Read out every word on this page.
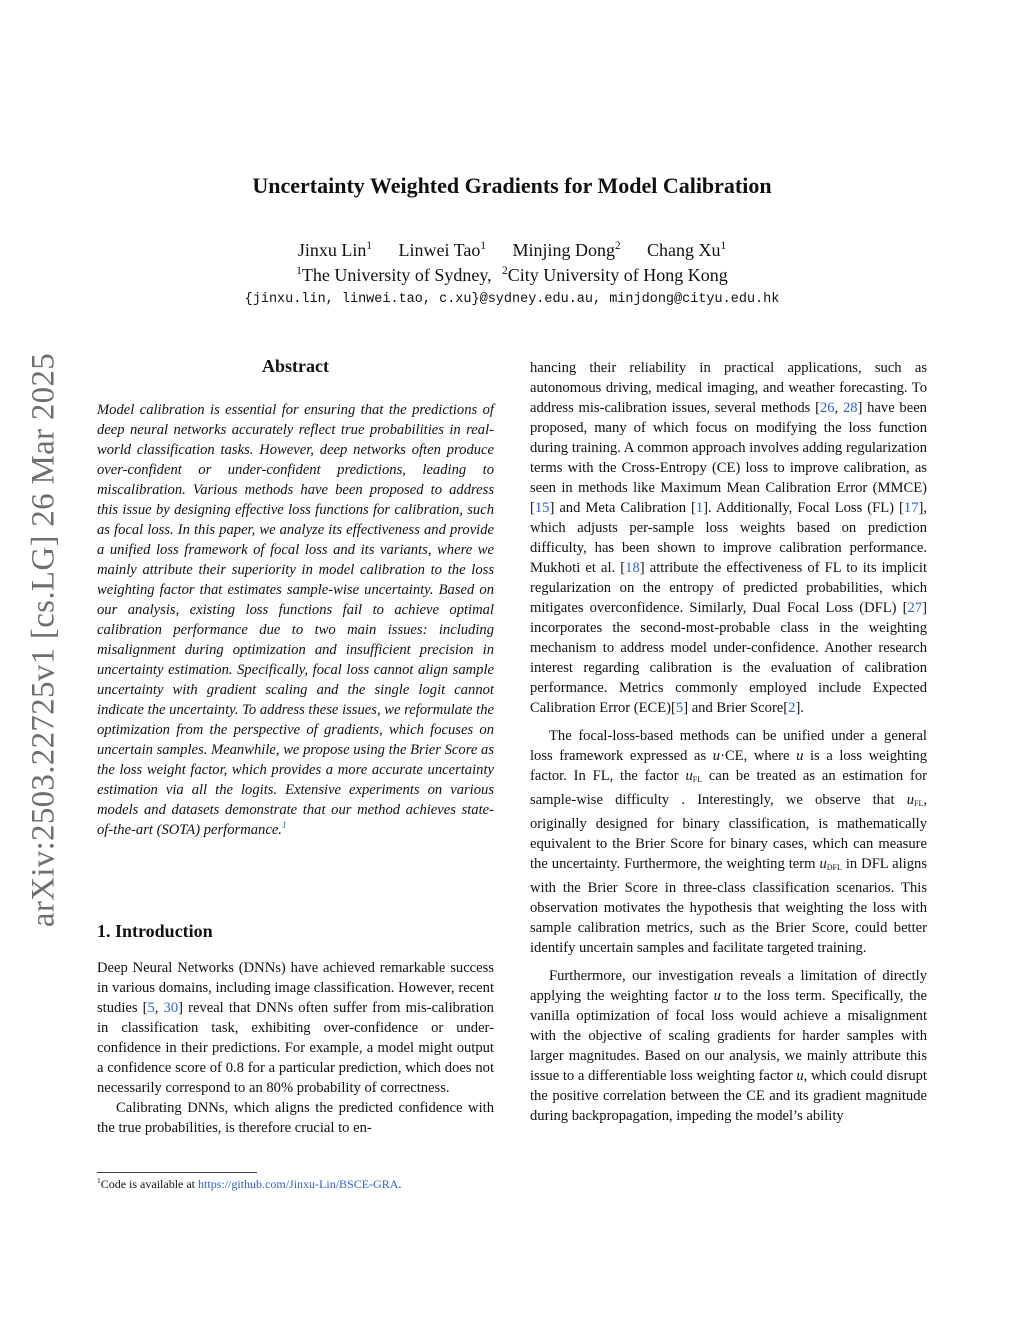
arXiv:2503.22725v1 [cs.LG] 26 Mar 2025
Uncertainty Weighted Gradients for Model Calibration
Jinxu Lin$^1$ Linwei Tao$^1$ Minjing Dong$^2$ Chang Xu$^1$
$^1$The University of Sydney, $^2$City University of Hong Kong
{jinxu.lin, linwei.tao, c.xu}@sydney.edu.au, minjdong@cityu.edu.hk
Abstract
Model calibration is essential for ensuring that the predictions of deep neural networks accurately reflect true probabilities in real-world classification tasks. However, deep networks often produce over-confident or under-confident predictions, leading to miscalibration. Various methods have been proposed to address this issue by designing effective loss functions for calibration, such as focal loss. In this paper, we analyze its effectiveness and provide a unified loss framework of focal loss and its variants, where we mainly attribute their superiority in model calibration to the loss weighting factor that estimates sample-wise uncertainty. Based on our analysis, existing loss functions fail to achieve optimal calibration performance due to two main issues: including misalignment during optimization and insufficient precision in uncertainty estimation. Specifically, focal loss cannot align sample uncertainty with gradient scaling and the single logit cannot indicate the uncertainty. To address these issues, we reformulate the optimization from the perspective of gradients, which focuses on uncertain samples. Meanwhile, we propose using the Brier Score as the loss weight factor, which provides a more accurate uncertainty estimation via all the logits. Extensive experiments on various models and datasets demonstrate that our method achieves state-of-the-art (SOTA) performance.$^1$
1. Introduction

Deep Neural Networks (DNNs) have achieved remarkable success in various domains, including image classification. However, recent studies [5, 30] reveal that DNNs often suffer from mis-calibration in classification task, exhibiting over-confidence or under-confidence in their predictions. For example, a model might output a confidence score of 0.8 for a particular prediction, which does not necessarily correspond to an 80% probability of correctness.

Calibrating DNNs, which aligns the predicted confidence with the true probabilities, is therefore crucial to en-

$^1$Code is available at https://github.com/Jinxu-Lin/BSCE-GRA.

hancing their reliability in practical applications, such as autonomous driving, medical imaging, and weather forecasting. To address mis-calibration issues, several methods [26, 28] have been proposed, many of which focus on modifying the loss function during training. A common approach involves adding regularization terms with the Cross-Entropy (CE) loss to improve calibration, as seen in methods like Maximum Mean Calibration Error (MMCE) [15] and Meta Calibration [1]. Additionally, Focal Loss (FL) [17], which adjusts per-sample loss weights based on prediction difficulty, has been shown to improve calibration performance. Mukhoti et al. [18] attribute the effectiveness of FL to its implicit regularization on the entropy of predicted probabilities, which mitigates overconfidence. Similarly, Dual Focal Loss (DFL) [27] incorporates the second-most-probable class in the weighting mechanism to address model under-confidence. Another research interest regarding calibration is the evaluation of calibration performance. Metrics commonly employed include Expected Calibration Error (ECE)[5] and Brier Score[2].

The focal-loss-based methods can be unified under a general loss framework expressed as u·CE, where u is a loss weighting factor. In FL, the factor uFL can be treated as an estimation for sample-wise difficulty . Interestingly, we observe that uFL, originally designed for binary classification, is mathematically equivalent to the Brier Score for binary cases, which can measure the uncertainty. Furthermore, the weighting term uDFL in DFL aligns with the Brier Score in three-class classification scenarios. This observation motivates the hypothesis that weighting the loss with sample calibration metrics, such as the Brier Score, could better identify uncertain samples and facilitate targeted training.

Furthermore, our investigation reveals a limitation of directly applying the weighting factor u to the loss term. Specifically, the vanilla optimization of focal loss would achieve a misalignment with the objective of scaling gradients for harder samples with larger magnitudes. Based on our analysis, we mainly attribute this issue to a differentiable loss weighting factor u, which could disrupt the positive correlation between the CE and its gradient magnitude during backpropagation, impeding the model’s ability
